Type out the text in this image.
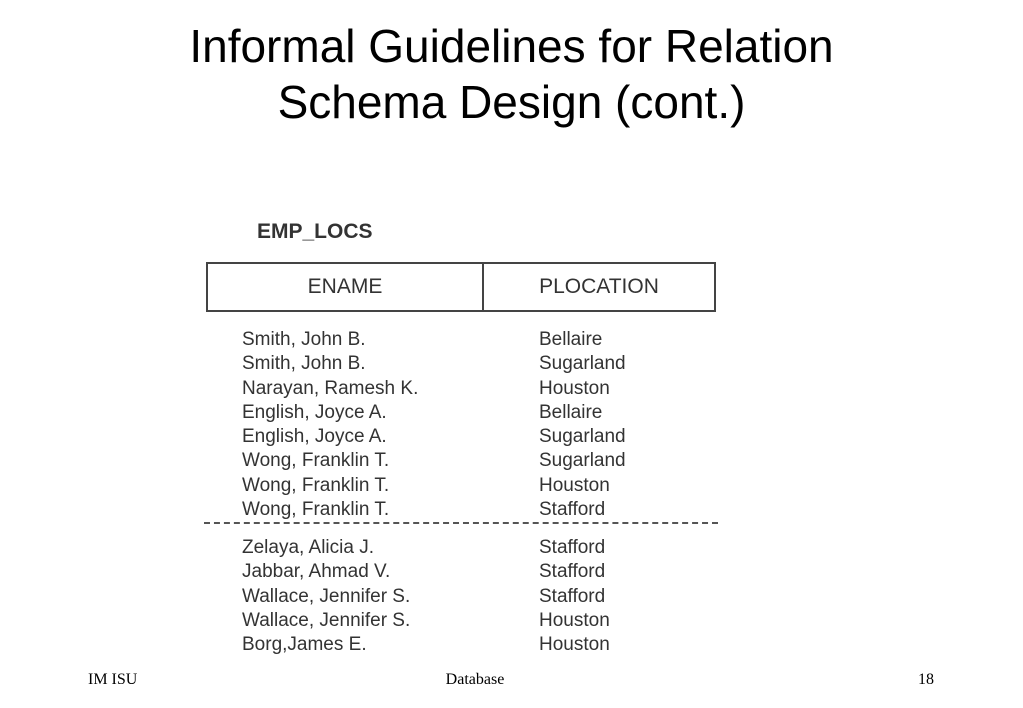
Informal Guidelines for Relation
Schema Design (cont.)
EMP_LOCS
ENAME	PLOCATION
Smith, John B.	Bellaire
Smith, John B.	Sugarland
Narayan, Ramesh K.	Houston
English, Joyce A.	Bellaire
English, Joyce A.	Sugarland
Wong, Franklin T.	Sugarland
Wong, Franklin T.	Houston
Wong, Franklin T.	Stafford
Zelaya, Alicia J.	Stafford
Jabbar, Ahmad V.	Stafford
Wallace, Jennifer S.	Stafford
Wallace, Jennifer S.	Houston
Borg,James E.	Houston
IM ISU	Database	18
